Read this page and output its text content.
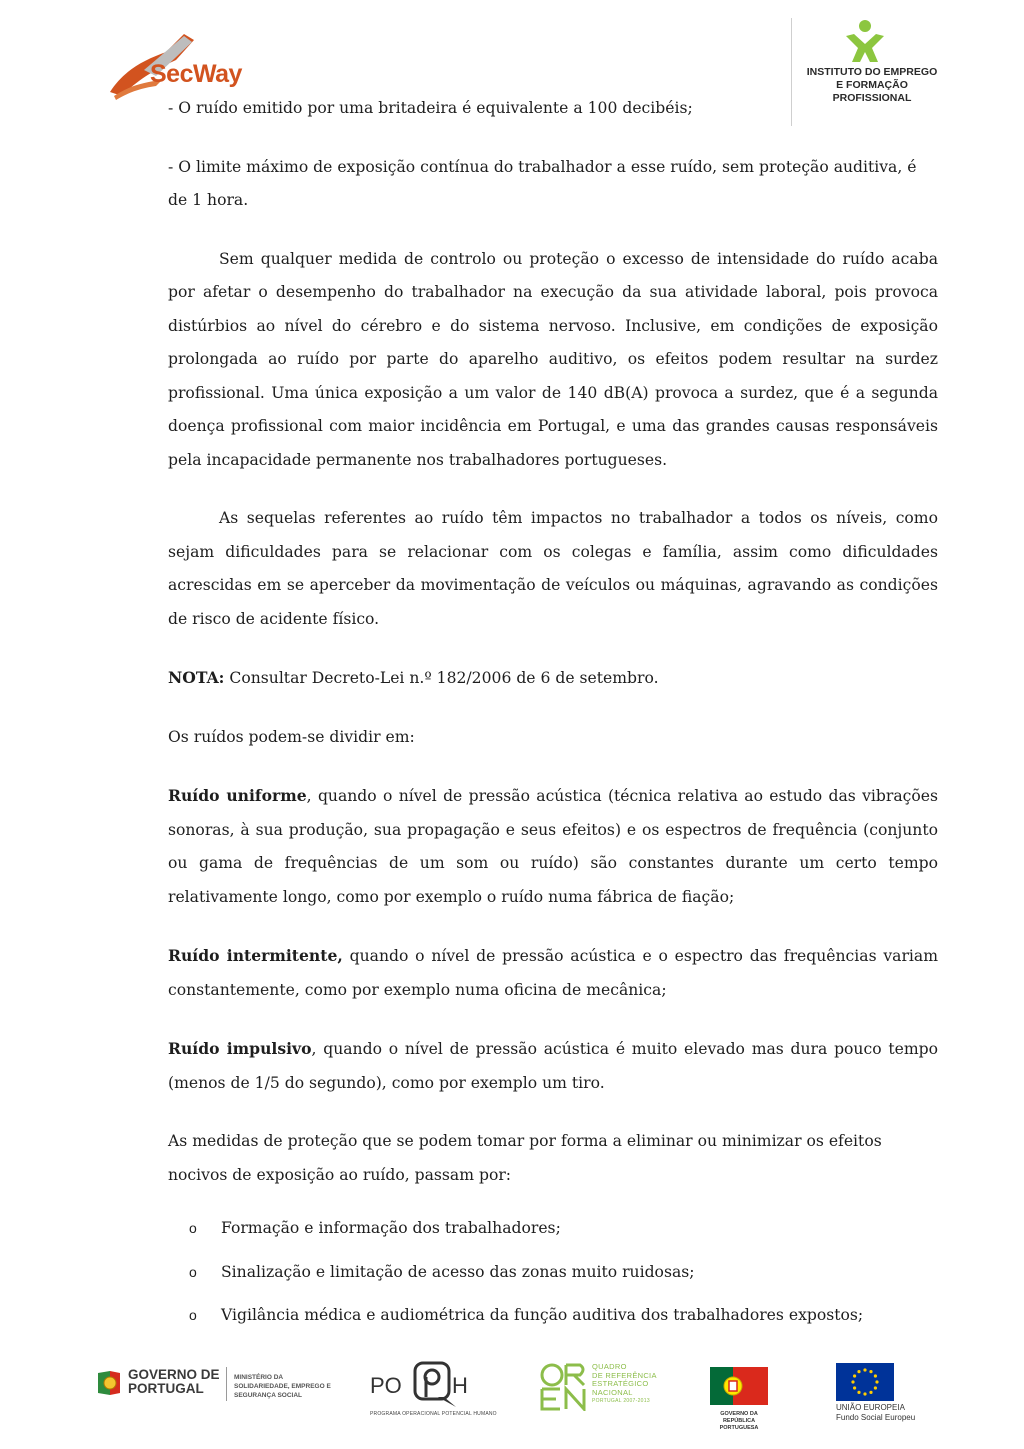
SecWay	INSTITUTO DO EMPREGO
E FORMAÇÃO PROFISSIONAL

- O ruído emitido por uma britadeira é equivalente a 100 decibéis;

- O limite máximo de exposição contínua do trabalhador a esse ruído, sem proteção auditiva, é de 1 hora.

Sem qualquer medida de controlo ou proteção o excesso de intensidade do ruído acaba por afetar o desempenho do trabalhador na execução da sua atividade laboral, pois provoca distúrbios ao nível do cérebro e do sistema nervoso. Inclusive, em condições de exposição prolongada ao ruído por parte do aparelho auditivo, os efeitos podem resultar na surdez profissional. Uma única exposição a um valor de 140 dB(A) provoca a surdez, que é a segunda doença profissional com maior incidência em Portugal, e uma das grandes causas responsáveis pela incapacidade permanente nos trabalhadores portugueses.

As sequelas referentes ao ruído têm impactos no trabalhador a todos os níveis, como sejam dificuldades para se relacionar com os colegas e família, assim como dificuldades acrescidas em se aperceber da movimentação de veículos ou máquinas, agravando as condições de risco de acidente físico.

NOTA: Consultar Decreto-Lei n.º 182/2006 de 6 de setembro.

Os ruídos podem-se dividir em:

Ruído uniforme, quando o nível de pressão acústica (técnica relativa ao estudo das vibrações sonoras, à sua produção, sua propagação e seus efeitos) e os espectros de frequência (conjunto ou gama de frequências de um som ou ruído) são constantes durante um certo tempo relativamente longo, como por exemplo o ruído numa fábrica de fiação;

Ruído intermitente, quando o nível de pressão acústica e o espectro das frequências variam constantemente, como por exemplo numa oficina de mecânica;

Ruído impulsivo, quando o nível de pressão acústica é muito elevado mas dura pouco tempo (menos de 1/5 do segundo), como por exemplo um tiro.

As medidas de proteção que se podem tomar por forma a eliminar ou minimizar os efeitos nocivos de exposição ao ruído, passam por:

o Formação e informação dos trabalhadores;
o Sinalização e limitação de acesso das zonas muito ruidosas;
o Vigilância médica e audiométrica da função auditiva dos trabalhadores expostos;
GOVERNO DE
PORTUGAL
MINISTÉRIO DA SOLIDARIEDADE, EMPREGO E SEGURANÇA SOCIAL	PO H
PROGRAMA OPERACIONAL POTENCIAL HUMANO
QUADRO
DE REFERÊNCIA
ESTRATÉGICO
NACIONAL
PORTUGAL 2007-2013
GOVERNO DA REPÚBLICA PORTUGUESA
UNIÃO EUROPEIA
Fundo Social Europeu
